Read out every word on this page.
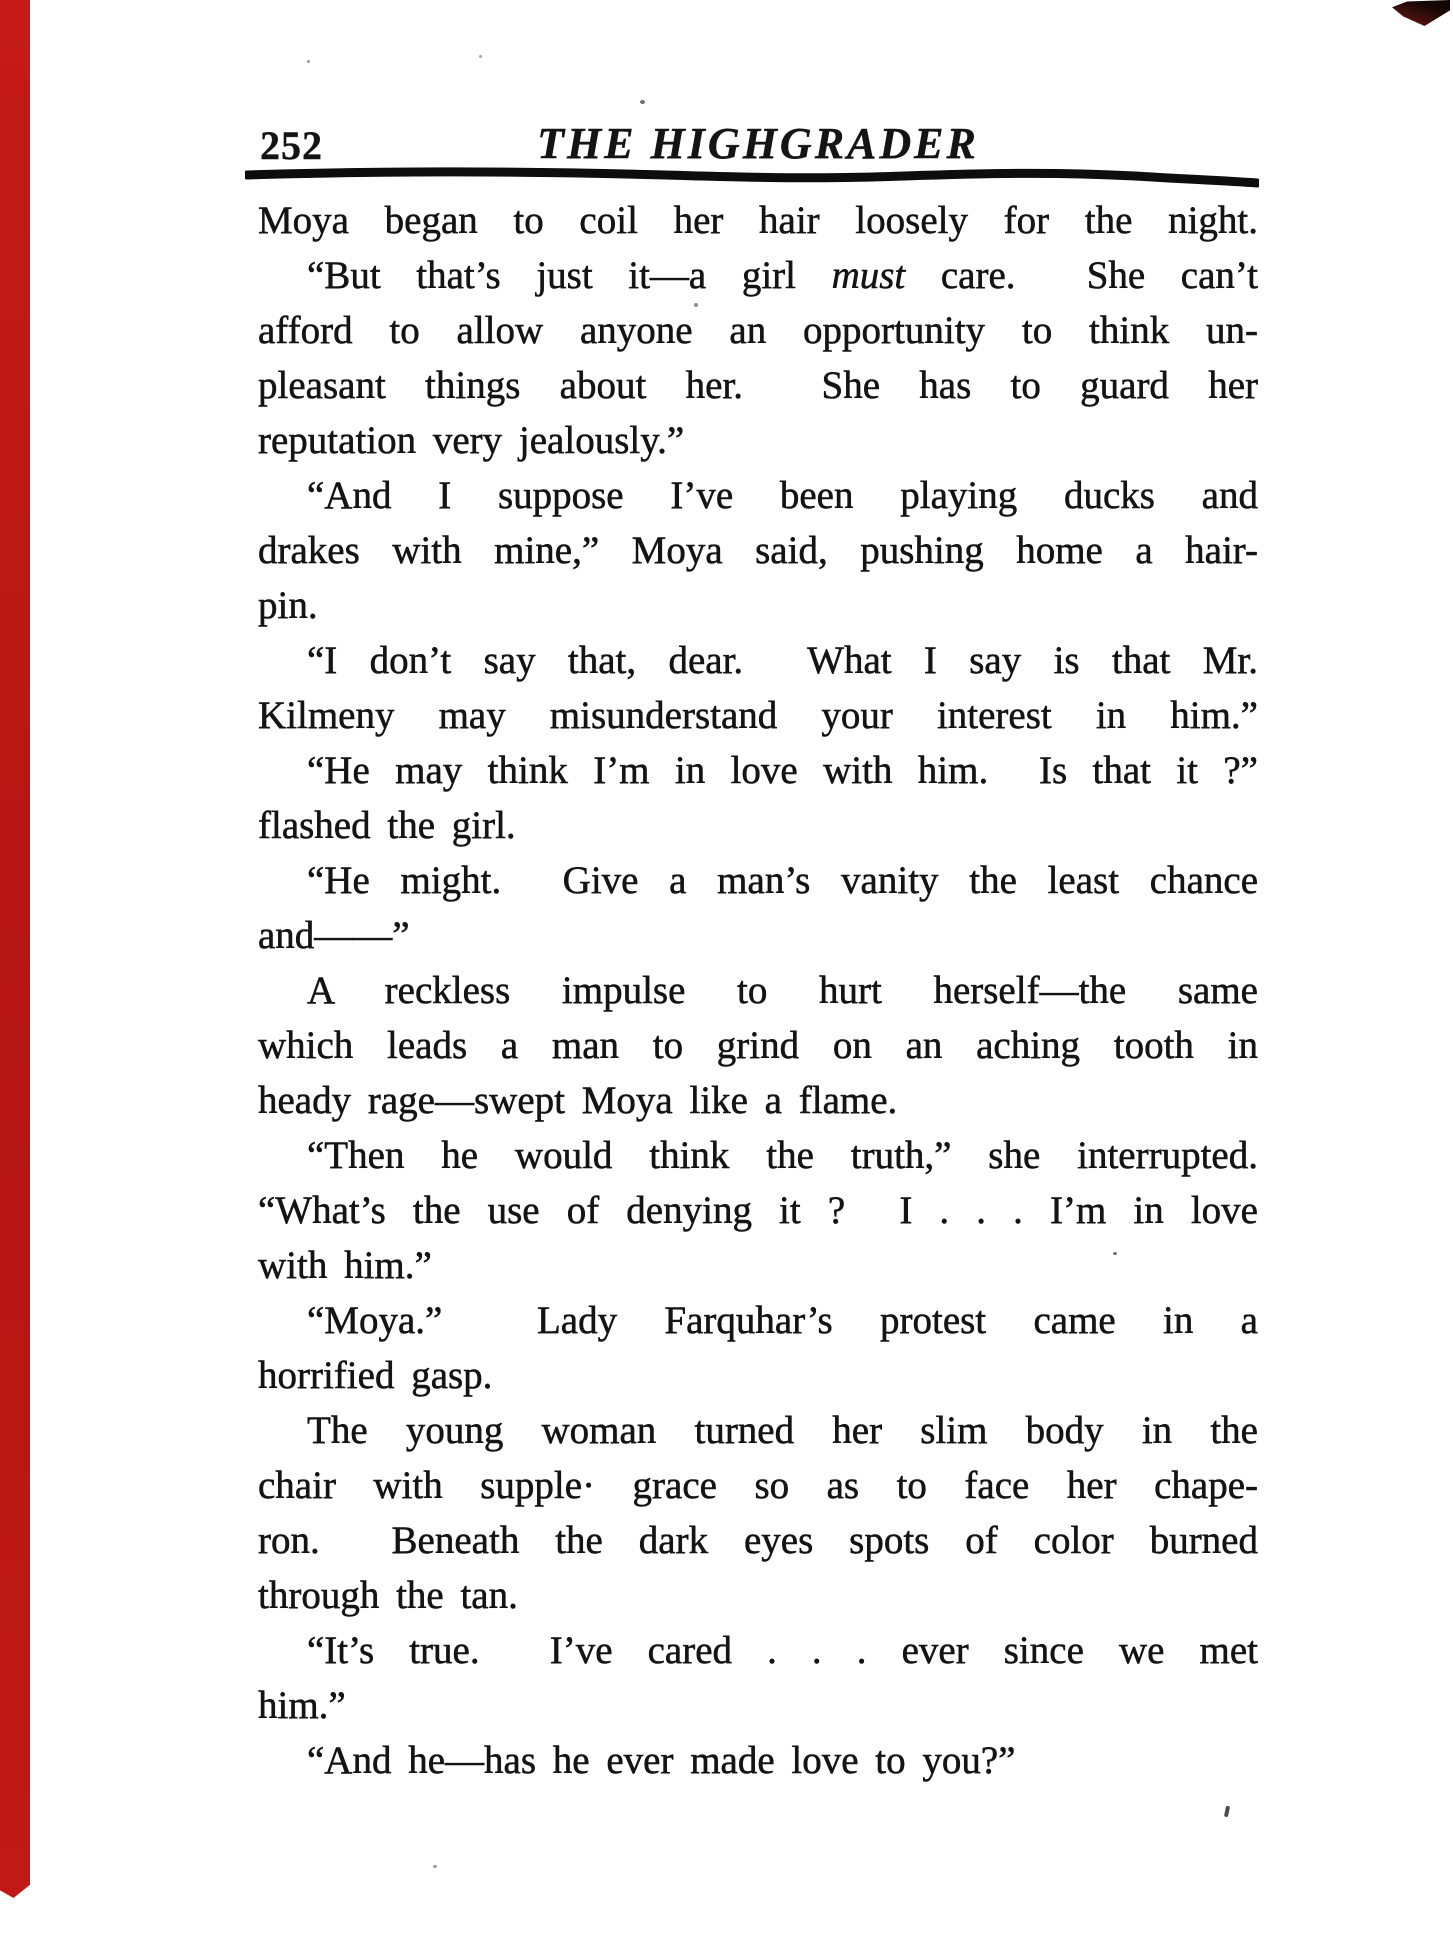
252	THE HIGHGRADER
Moya began to coil her hair loosely for the night.
“But that’s just it—a girl must care.  She can’t
afford to allow anyone an opportunity to think un-
pleasant things about her.  She has to guard her
reputation very jealously.”
“And I suppose I’ve been playing ducks and
drakes with mine,” Moya said, pushing home a hair-
pin.
“I don’t say that, dear.  What I say is that Mr.
Kilmeny may misunderstand your interest in him.”
“He may think I’m in love with him.  Is that it ?”
flashed the girl.
“He might.  Give a man’s vanity the least chance
and——”
A reckless impulse to hurt herself—the same
which leads a man to grind on an aching tooth in
heady rage—swept Moya like a flame.
“Then he would think the truth,” she interrupted.
“What’s the use of denying it ?  I . . . I’m in love
with him.”
“Moya.”  Lady Farquhar’s protest came in a
horrified gasp.
The young woman turned her slim body in the
chair with supple· grace so as to face her chape-
ron.  Beneath the dark eyes spots of color burned
through the tan.
“It’s true.  I’ve cared . . . ever since we met
him.”
“And he—has he ever made love to you?”
